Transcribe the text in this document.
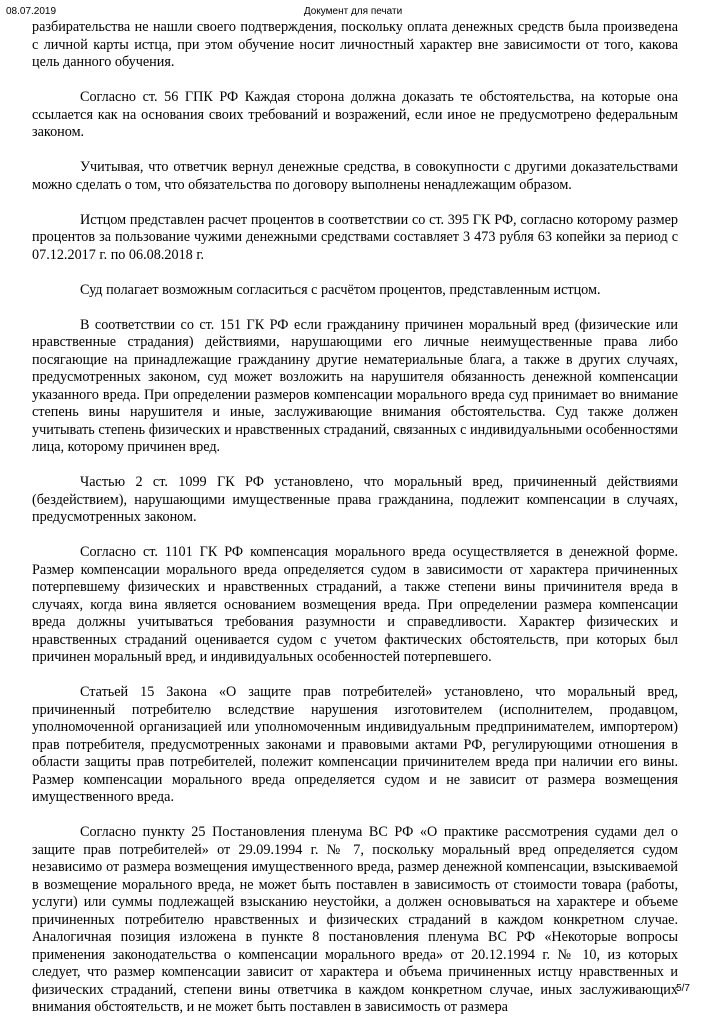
08.07.2019	Документ для печати

разбирательства не нашли своего подтверждения, поскольку оплата денежных средств была произведена с личной карты истца, при этом обучение носит личностный характер вне зависимости от того, какова цель данного обучения.

Согласно ст. 56 ГПК РФ Каждая сторона должна доказать те обстоятельства, на которые она ссылается как на основания своих требований и возражений, если иное не предусмотрено федеральным законом.

Учитывая, что ответчик вернул денежные средства, в совокупности с другими доказательствами можно сделать о том, что обязательства по договору выполнены ненадлежащим образом.

Истцом представлен расчет процентов в соответствии со ст. 395 ГК РФ, согласно которому размер процентов за пользование чужими денежными средствами составляет 3 473 рубля 63 копейки за период с 07.12.2017 г. по 06.08.2018 г.

Суд полагает возможным согласиться с расчётом процентов, представленным истцом.

В соответствии со ст. 151 ГК РФ если гражданину причинен моральный вред (физические или нравственные страдания) действиями, нарушающими его личные неимущественные права либо посягающие на принадлежащие гражданину другие нематериальные блага, а также в других случаях, предусмотренных законом, суд может возложить на нарушителя обязанность денежной компенсации указанного вреда. При определении размеров компенсации морального вреда суд принимает во внимание степень вины нарушителя и иные, заслуживающие внимания обстоятельства. Суд также должен учитывать степень физических и нравственных страданий, связанных с индивидуальными особенностями лица, которому причинен вред.

Частью 2 ст. 1099 ГК РФ установлено, что моральный вред, причиненный действиями (бездействием), нарушающими имущественные права гражданина, подлежит компенсации в случаях, предусмотренных законом.

Согласно ст. 1101 ГК РФ компенсация морального вреда осуществляется в денежной форме. Размер компенсации морального вреда определяется судом в зависимости от характера причиненных потерпевшему физических и нравственных страданий, а также степени вины причинителя вреда в случаях, когда вина является основанием возмещения вреда. При определении размера компенсации вреда должны учитываться требования разумности и справедливости. Характер физических и нравственных страданий оценивается судом с учетом фактических обстоятельств, при которых был причинен моральный вред, и индивидуальных особенностей потерпевшего.

Статьей 15 Закона «О защите прав потребителей» установлено, что моральный вред, причиненный потребителю вследствие нарушения изготовителем (исполнителем, продавцом, уполномоченной организацией или уполномоченным индивидуальным предпринимателем, импортером) прав потребителя, предусмотренных законами и правовыми актами РФ, регулирующими отношения в области защиты прав потребителей, полежит компенсации причинителем вреда при наличии его вины. Размер компенсации морального вреда определяется судом и не зависит от размера возмещения имущественного вреда.

Согласно пункту 25 Постановления пленума ВС РФ «О практике рассмотрения судами дел о защите прав потребителей» от 29.09.1994 г. № 7, поскольку моральный вред определяется судом независимо от размера возмещения имущественного вреда, размер денежной компенсации, взыскиваемой в возмещение морального вреда, не может быть поставлен в зависимость от стоимости товара (работы, услуги) или суммы подлежащей взысканию неустойки, а должен основываться на характере и объеме причиненных потребителю нравственных и физических страданий в каждом конкретном случае. Аналогичная позиция изложена в пункте 8 постановления пленума ВС РФ «Некоторые вопросы применения законодательства о компенсации морального вреда» от 20.12.1994 г. № 10, из которых следует, что размер компенсации зависит от характера и объема причиненных истцу нравственных и физических страданий, степени вины ответчика в каждом конкретном случае, иных заслуживающих внимания обстоятельств, и не может быть поставлен в зависимость от размера

5/7
